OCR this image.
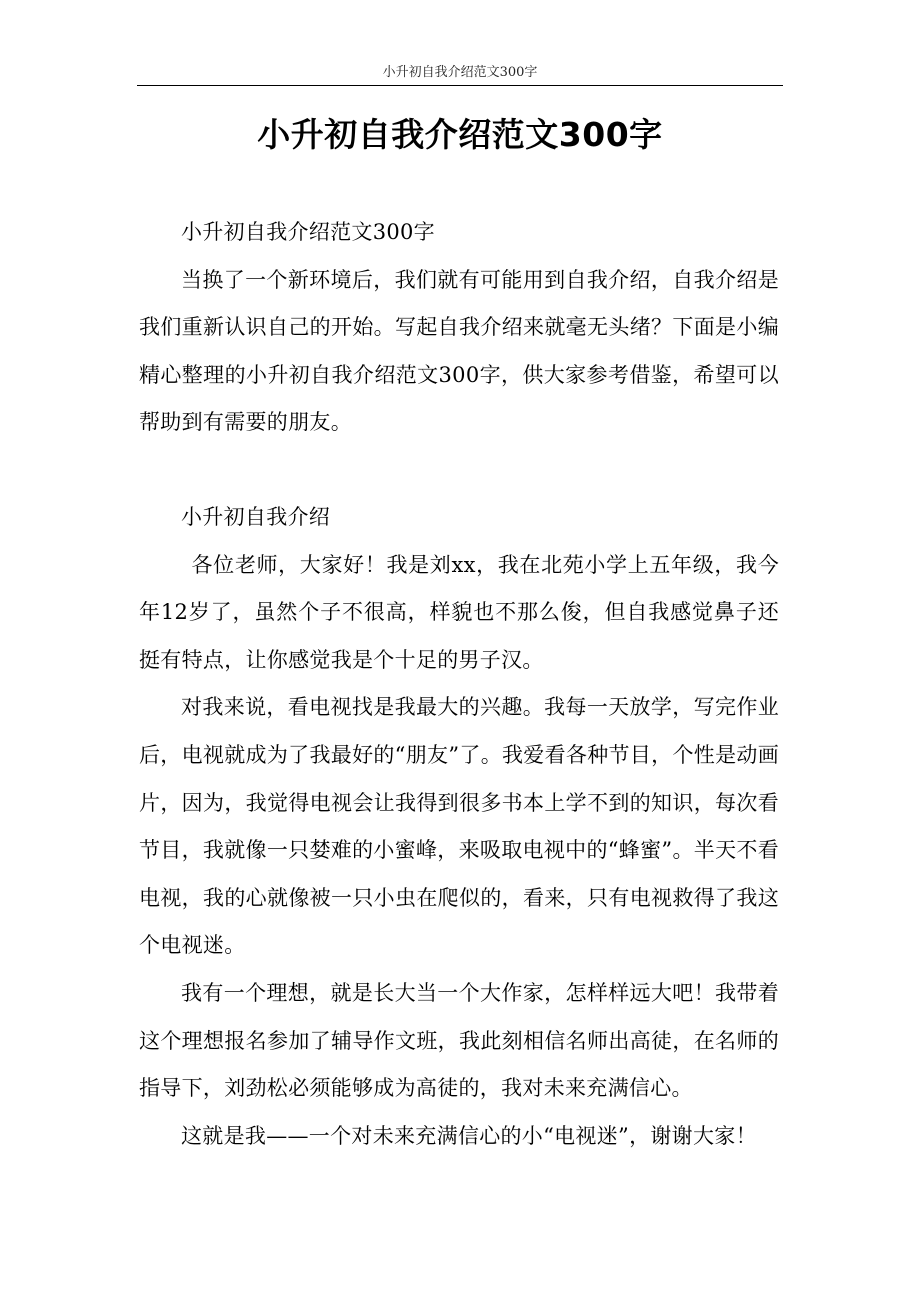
小升初自我介绍范文300字
小升初自我介绍范文300字

小升初自我介绍范文300字

当换了一个新环境后，我们就有可能用到自我介绍，自我介绍是我们重新认识自己的开始。写起自我介绍来就毫无头绪？下面是小编精心整理的小升初自我介绍范文300字，供大家参考借鉴，希望可以帮助到有需要的朋友。

小升初自我介绍

各位老师，大家好！我是刘xx，我在北苑小学上五年级，我今年12岁了，虽然个子不很高，样貌也不那么俊，但自我感觉鼻子还挺有特点，让你感觉我是个十足的男子汉。

对我来说，看电视找是我最大的兴趣。我每一天放学，写完作业后，电视就成为了我最好的“朋友”了。我爱看各种节目，个性是动画片，因为，我觉得电视会让我得到很多书本上学不到的知识，每次看节目，我就像一只婪难的小蜜峰，来吸取电视中的“蜂蜜”。半天不看电视，我的心就像被一只小虫在爬似的，看来，只有电视救得了我这个电视迷。

我有一个理想，就是长大当一个大作家，怎样样远大吧！我带着这个理想报名参加了辅导作文班，我此刻相信名师出高徒，在名师的指导下，刘劲松必须能够成为高徒的，我对未来充满信心。

这就是我——一个对未来充满信心的小“电视迷”，谢谢大家！
